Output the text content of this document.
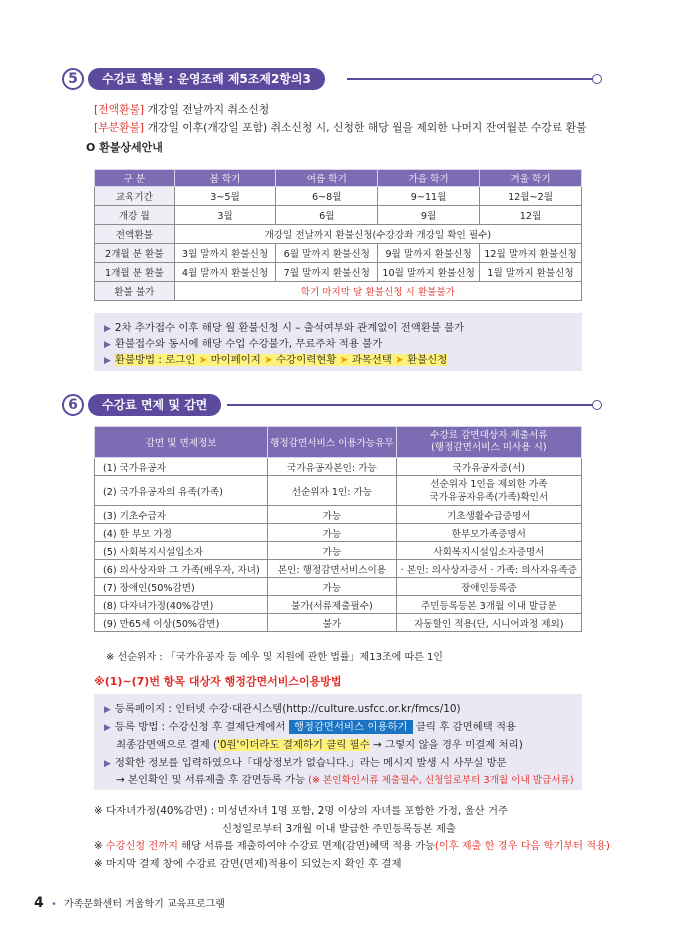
5	수강료 환불 : 운영조례 제5조제2항의3
[전액환불] 개강일 전날까지 취소신청
[부분환불] 개강일 이후(개강일 포함) 취소신청 시, 신청한 해당 월을 제외한 나머지 잔여월분 수강료 환불
O 환불상세안내
구 분	봄 학기	여름 학기	가을 학기	겨울 학기
교육기간	3~5월	6~8월	9~11월	12월~2월
개강 월	3월	6월	9월	12월
전액환불	개강일 전날까지 환불신청(수강강좌 개강일 확인 필수)			
2개월 분 환불	3월 말까지 환불신청	6월 말까지 환불신청	9월 말까지 환불신청	12월 말까지 환불신청
1개월 분 환불	4월 말까지 환불신청	7월 말까지 환불신청	10월 말까지 환불신청	1월 말까지 환불신청
환불 불가	학기 마지막 달 환불신청 시 환불불가			
▶ 2차 추가접수 이후 해당 월 환불신청 시 – 출석여부와 관계없이 전액환불 불가
▶ 환불접수와 동시에 해당 수업 수강불가, 무료주차 적용 불가
▶ 환불방법 : 로그인 ➤ 마이페이지 ➤ 수강이력현황 ➤ 과목선택 ➤ 환불신청
6	수강료 면제 및 감면
감면 및 면제정보	행정감면서비스 이용가능유무	수강료 감면대상자 제출서류
(행정감면서비스 미사용 시)

(1) 국가유공자	국가유공자본인: 가능	국가유공자증(서)
(2) 국가유공자의 유족(가족)	선순위자 1인: 가능	선순위자 1인을 제외한 가족
국가유공자유족(가족)확인서

(3) 기초수급자	가능	기초생활수급증명서
(4) 한 부모 가정	가능	한부모가족증명서
(5) 사회복지시설입소자	가능	사회복지시설입소자증명서
(6) 의사상자와 그 가족(배우자, 자녀)	본인: 행정감면서비스이용	· 본인: 의사상자증서 · 가족: 의사자유족증
(7) 장애인(50%감면)	가능	장애인등록증
(8) 다자녀가정(40%감면)	불가(서류제출필수)	주민등록등본 3개월 이내 발급분
(9) 만65세 이상(50%감면)	불가	자동할인 적용(단, 시니어과정 제외)
※ 선순위자 : 「국가유공자 등 예우 및 지원에 관한 법률」제13조에 따른 1인
※(1)~(7)번 항목 대상자 행정감면서비스이용방법
▶ 등록페이지 : 인터넷 수강·대관시스템(http://culture.usfcc.or.kr/fmcs/10)
▶ 등록 방법 : 수강신청 후 결제단계에서 행정감면서비스 이용하기 클릭 후 감면혜택 적용
최종감면액으로 결제 ('0원'이더라도 결제하기 클릭 필수 → 그렇지 않을 경우 미결제 처리)
▶ 정확한 정보를 입력하였으나「대상정보가 없습니다.」라는 메시지 발생 시 사무실 방문
→ 본인확인 및 서류제출 후 감면등록 가능 (※ 본인확인서류 제출필수, 신청일로부터 3개월 이내 발급서류)
※ 다자녀가정(40%감면) : 미성년자녀 1명 포함, 2명 이상의 자녀를 포함한 가정, 울산 거주
신청일로부터 3개월 이내 발급한 주민등록등본 제출
※ 수강신청 전까지 해당 서류를 제출하여야 수강료 면제(감면)혜택 적용 가능(이후 제출 한 경우 다음 학기부터 적용)
※ 마지막 결제 창에 수강료 감면(면제)적용이 되었는지 확인 후 결제
4 • 가족문화센터 겨울학기 교육프로그램
